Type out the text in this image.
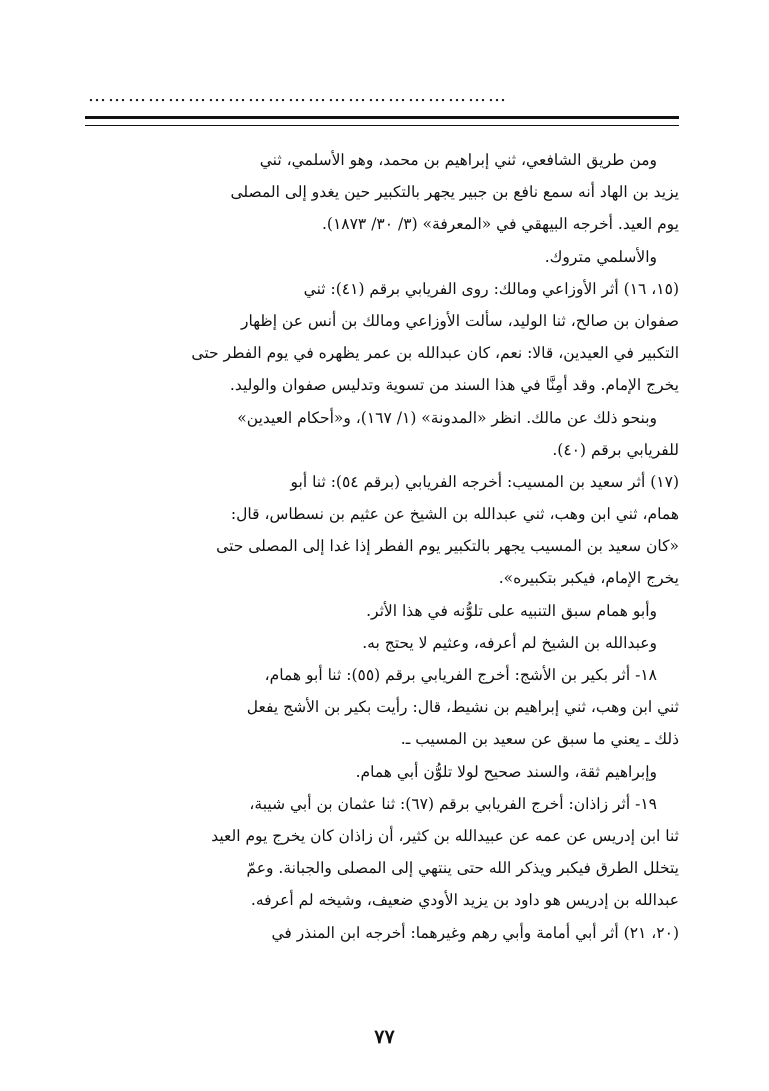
………………………………………………………
ومن طريق الشافعي، ثني إبراهيم بن محمد، وهو الأسلمي، ثني
يزيد بن الهاد أنه سمع نافع بن جبير يجهر بالتكبير حين يغدو إلى المصلى
يوم العيد. أخرجه البيهقي في «المعرفة» (٣/ ٣٠/ ١٨٧٣).
والأسلمي متروك.
(١٥، ١٦) أثر الأوزاعي ومالك: روى الفريابي برقم (٤١): ثني
صفوان بن صالح، ثنا الوليد، سألت الأوزاعي ومالك بن أنس عن إظهار
التكبير في العيدين، قالا: نعم، كان عبدالله بن عمر يظهره في يوم الفطر حتى
يخرج الإمام. وقد أمِنَّا في هذا السند من تسوية وتدليس صفوان والوليد.
وبنحو ذلك عن مالك. انظر «المدونة» (١/ ١٦٧)، و«أحكام العيدين»
للفريابي برقم (٤٠).
(١٧) أثر سعيد بن المسيب: أخرجه الفريابي (برقم ٥٤): ثنا أبو
همام، ثني ابن وهب، ثني عبدالله بن الشيخ عن عثيم بن نسطاس، قال:
«كان سعيد بن المسيب يجهر بالتكبير يوم الفطر إذا غدا إلى المصلى حتى
يخرج الإمام، فيكبر بتكبيره».
وأبو همام سبق التنبيه على تلوُّنه في هذا الأثر.
وعبدالله بن الشيخ لم أعرفه، وعثيم لا يحتج به.
١٨- أثر بكير بن الأشج: أخرج الفريابي برقم (٥٥): ثنا أبو همام،
ثني ابن وهب، ثني إبراهيم بن نشيط، قال: رأيت بكير بن الأشج يفعل
ذلك ـ يعني ما سبق عن سعيد بن المسيب ـ.
وإبراهيم ثقة، والسند صحيح لولا تلوُّن أبي همام.
١٩- أثر زاذان: أخرج الفريابي برقم (٦٧): ثنا عثمان بن أبي شيبة،
ثنا ابن إدريس عن عمه عن عبيدالله بن كثير، أن زاذان كان يخرج يوم العيد
يتخلل الطرق فيكبر ويذكر الله حتى ينتهي إلى المصلى والجبانة. وعمّ
عبدالله بن إدريس هو داود بن يزيد الأودي ضعيف، وشيخه لم أعرفه.
(٢٠، ٢١) أثر أبي أمامة وأبي رهم وغيرهما: أخرجه ابن المنذر في
٧٧
